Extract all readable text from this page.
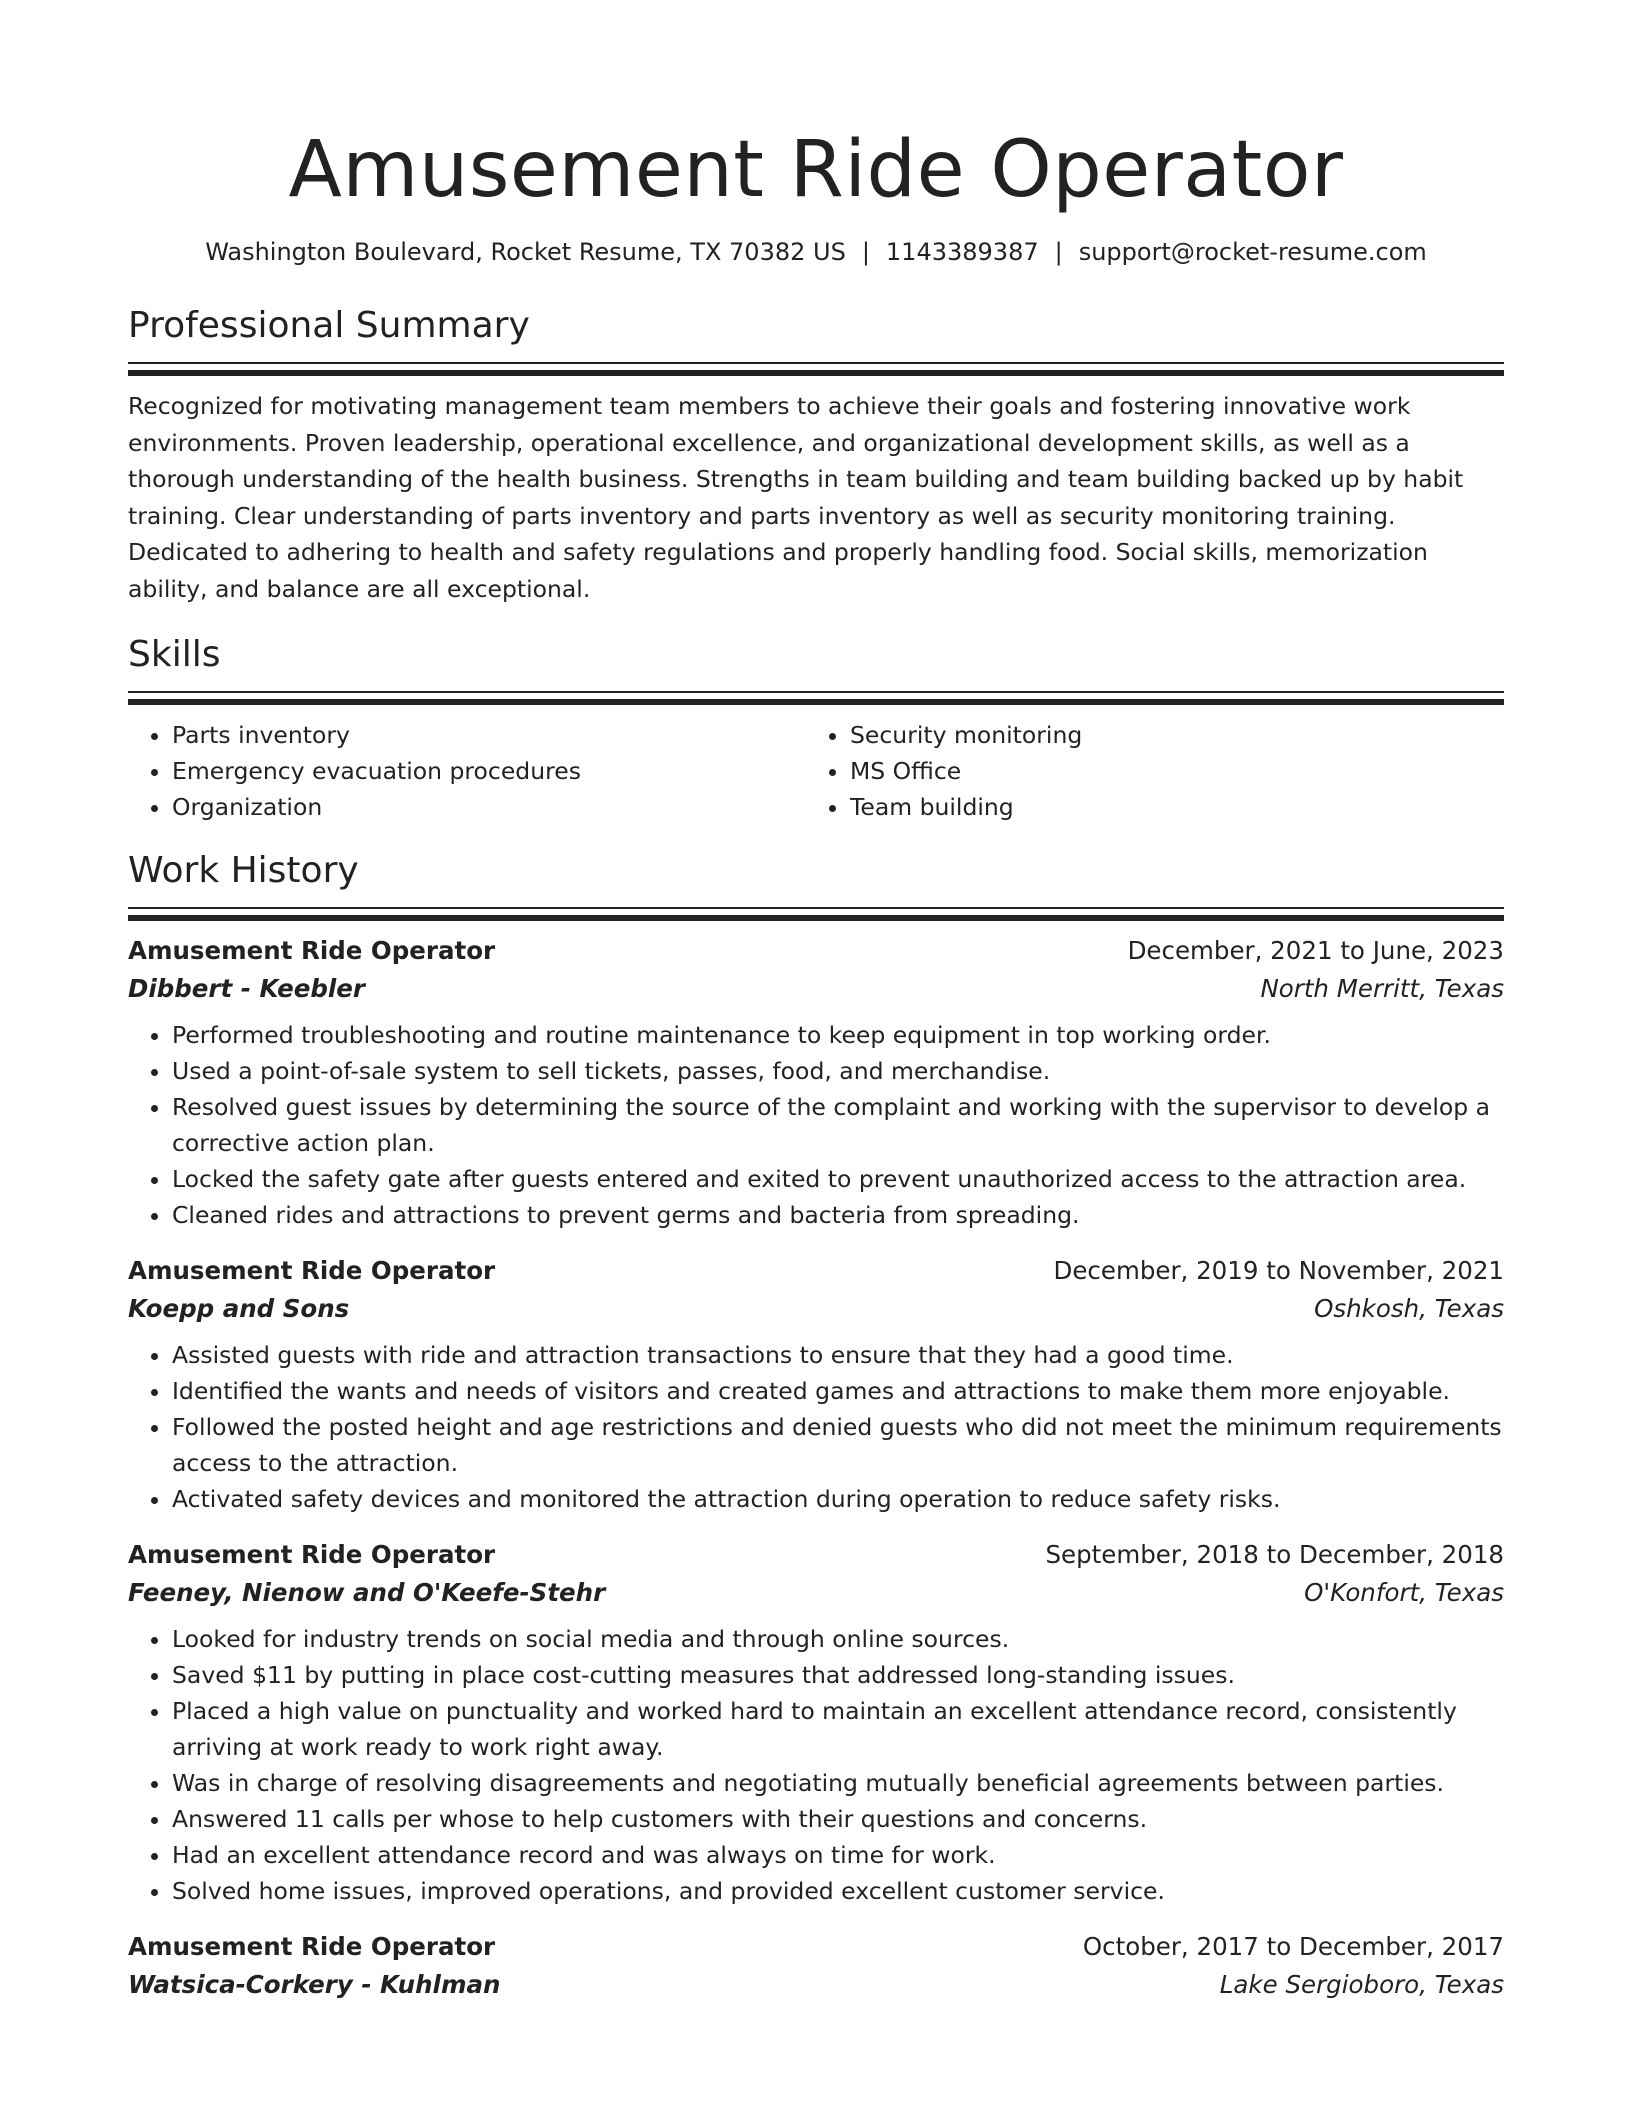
Amusement Ride Operator
Washington Boulevard, Rocket Resume, TX 70382 US | 1143389387 | support@rocket-resume.com
Professional Summary

Recognized for motivating management team members to achieve their goals and fostering innovative work environments. Proven leadership, operational excellence, and organizational development skills, as well as a thorough understanding of the health business. Strengths in team building and team building backed up by habit training. Clear understanding of parts inventory and parts inventory as well as security monitoring training. Dedicated to adhering to health and safety regulations and properly handling food. Social skills, memorization ability, and balance are all exceptional.

Skills
• Parts inventory
• Emergency evacuation procedures
• Organization
• Security monitoring
• MS Office
• Team building
Work History
Amusement Ride Operator	December, 2021 to June, 2023
Dibbert - Keebler	North Merritt, Texas
• Performed troubleshooting and routine maintenance to keep equipment in top working order.
• Used a point-of-sale system to sell tickets, passes, food, and merchandise.
• Resolved guest issues by determining the source of the complaint and working with the supervisor to develop a corrective action plan.
• Locked the safety gate after guests entered and exited to prevent unauthorized access to the attraction area.
• Cleaned rides and attractions to prevent germs and bacteria from spreading.
Amusement Ride Operator	December, 2019 to November, 2021
Koepp and Sons	Oshkosh, Texas
• Assisted guests with ride and attraction transactions to ensure that they had a good time.
• Identified the wants and needs of visitors and created games and attractions to make them more enjoyable.
• Followed the posted height and age restrictions and denied guests who did not meet the minimum requirements access to the attraction.
• Activated safety devices and monitored the attraction during operation to reduce safety risks.
Amusement Ride Operator	September, 2018 to December, 2018
Feeney, Nienow and O'Keefe-Stehr	O'Konfort, Texas
• Looked for industry trends on social media and through online sources.
• Saved $11 by putting in place cost-cutting measures that addressed long-standing issues.
• Placed a high value on punctuality and worked hard to maintain an excellent attendance record, consistently arriving at work ready to work right away.
• Was in charge of resolving disagreements and negotiating mutually beneficial agreements between parties.
• Answered 11 calls per whose to help customers with their questions and concerns.
• Had an excellent attendance record and was always on time for work.
• Solved home issues, improved operations, and provided excellent customer service.
Amusement Ride Operator	October, 2017 to December, 2017
Watsica-Corkery - Kuhlman	Lake Sergioboro, Texas
